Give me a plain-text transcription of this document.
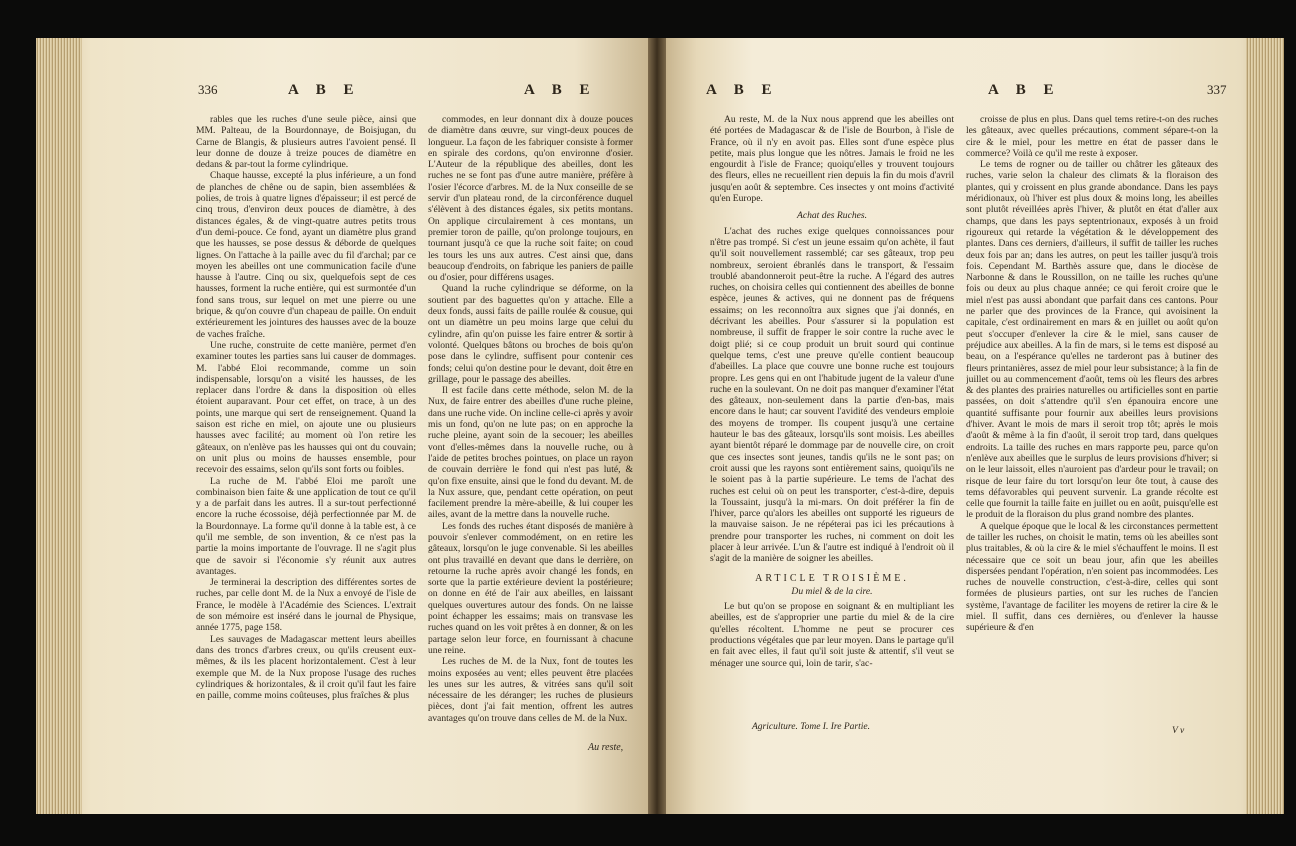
336	A B E	A B E

rables que les ruches d'une seule pièce, ainsi que MM. Palteau, de la Bourdonnaye, de Boisjugan, du Carne de Blangis, & plusieurs autres l'avoient pensé. Il leur donne de douze à treize pouces de diamètre en dedans & par-tout la forme cylindrique.

Chaque hausse, excepté la plus inférieure, a un fond de planches de chêne ou de sapin, bien assemblées & polies, de trois à quatre lignes d'épaisseur; il est percé de cinq trous, d'environ deux pouces de diamètre, à des distances égales, & de vingt-quatre autres petits trous d'un demi-pouce. Ce fond, ayant un diamètre plus grand que les hausses, se pose dessus & déborde de quelques lignes. On l'attache à la paille avec du fil d'archal; par ce moyen les abeilles ont une communication facile d'une hausse à l'autre. Cinq ou six, quelquefois sept de ces hausses, forment la ruche entière, qui est surmontée d'un fond sans trous, sur lequel on met une pierre ou une brique, & qu'on couvre d'un chapeau de paille. On enduit extérieurement les jointures des hausses avec de la bouze de vaches fraîche.

Une ruche, construite de cette manière, permet d'en examiner toutes les parties sans lui causer de dommages. M. l'abbé Eloi recommande, comme un soin indispensable, lorsqu'on a visité les hausses, de les replacer dans l'ordre & dans la disposition où elles étoient auparavant. Pour cet effet, on trace, à un des points, une marque qui sert de renseignement. Quand la saison est riche en miel, on ajoute une ou plusieurs hausses avec facilité; au moment où l'on retire les gâteaux, on n'enlève pas les hausses qui ont du couvain; on unit plus ou moins de hausses ensemble, pour recevoir des essaims, selon qu'ils sont forts ou foibles.

La ruche de M. l'abbé Eloi me paroît une combinaison bien faite & une application de tout ce qu'il y a de parfait dans les autres. Il a sur-tout perfectionné encore la ruche écossoise, déjà perfectionnée par M. de la Bourdonnaye. La forme qu'il donne à la table est, à ce qu'il me semble, de son invention, & ce n'est pas la partie la moins importante de l'ouvrage. Il ne s'agit plus que de savoir si l'économie s'y réunit aux autres avantages.

Je terminerai la description des différentes sortes de ruches, par celle dont M. de la Nux a envoyé de l'isle de France, le modèle à l'Académie des Sciences. L'extrait de son mémoire est inséré dans le journal de Physique, année 1775, page 158.

Les sauvages de Madagascar mettent leurs abeilles dans des troncs d'arbres creux, ou qu'ils creusent eux-mêmes, & ils les placent horizontalement. C'est à leur exemple que M. de la Nux propose l'usage des ruches cylindriques & horizontales, & il croit qu'il faut les faire en paille, comme moins coûteuses, plus fraîches & plus

commodes, en leur donnant dix à douze pouces de diamètre dans œuvre, sur vingt-deux pouces de longueur. La façon de les fabriquer consiste à former en spirale des cordons, qu'on environne d'osier. L'Auteur de la république des abeilles, dont les ruches ne se font pas d'une autre manière, préfère à l'osier l'écorce d'arbres. M. de la Nux conseille de se servir d'un plateau rond, de la circonférence duquel s'élèvent à des distances égales, six petits montans. On applique circulairement à ces montans, un premier toron de paille, qu'on prolonge toujours, en tournant jusqu'à ce que la ruche soit faite; on coud les tours les uns aux autres. C'est ainsi que, dans beaucoup d'endroits, on fabrique les paniers de paille ou d'osier, pour différens usages.

Quand la ruche cylindrique se déforme, on la soutient par des baguettes qu'on y attache. Elle a deux fonds, aussi faits de paille roulée & cousue, qui ont un diamètre un peu moins large que celui du cylindre, afin qu'on puisse les faire entrer & sortir à volonté. Quelques bâtons ou broches de bois qu'on pose dans le cylindre, suffisent pour contenir ces fonds; celui qu'on destine pour le devant, doit être en grillage, pour le passage des abeilles.

Il est facile dans cette méthode, selon M. de la Nux, de faire entrer des abeilles d'une ruche pleine, dans une ruche vide. On incline celle-ci après y avoir mis un fond, qu'on ne lute pas; on en approche la ruche pleine, ayant soin de la secouer; les abeilles vont d'elles-mêmes dans la nouvelle ruche, ou à l'aide de petites broches pointues, on place un rayon de couvain derrière le fond qui n'est pas luté, & qu'on fixe ensuite, ainsi que le fond du devant. M. de la Nux assure, que, pendant cette opération, on peut facilement prendre la mère-abeille, & lui couper les ailes, avant de la mettre dans la nouvelle ruche.

Les fonds des ruches étant disposés de manière à pouvoir s'enlever commodément, on en retire les gâteaux, lorsqu'on le juge convenable. Si les abeilles ont plus travaillé en devant que dans le derrière, on retourne la ruche après avoir changé les fonds, en sorte que la partie extérieure devient la postérieure; on donne en été de l'air aux abeilles, en laissant quelques ouvertures autour des fonds. On ne laisse point échapper les essaims; mais on transvase les ruches quand on les voit prêtes à en donner, & on les partage selon leur force, en fournissant à chacune une reine.

Les ruches de M. de la Nux, font de toutes les moins exposées au vent; elles peuvent être placées les unes sur les autres, & vitrées sans qu'il soit nécessaire de les déranger; les ruches de plusieurs pièces, dont j'ai fait mention, offrent les autres avantages qu'on trouve dans celles de M. de la Nux.

Au reste,
A B E	A B E	337

Au reste, M. de la Nux nous apprend que les abeilles ont été portées de Madagascar & de l'isle de Bourbon, à l'isle de France, où il n'y en avoit pas. Elles sont d'une espèce plus petite, mais plus longue que les nôtres. Jamais le froid ne les engourdit à l'isle de France; quoiqu'elles y trouvent toujours des fleurs, elles ne recueillent rien depuis la fin du mois d'avril jusqu'en août & septembre. Ces insectes y ont moins d'activité qu'en Europe.

Achat des Ruches.

L'achat des ruches exige quelques connoissances pour n'être pas trompé. Si c'est un jeune essaim qu'on achète, il faut qu'il soit nouvellement rassemblé; car ses gâteaux, trop peu nombreux, seroient ébranlés dans le transport, & l'essaim troublé abandonneroit peut-être la ruche. A l'égard des autres ruches, on choisira celles qui contiennent des abeilles de bonne espèce, jeunes & actives, qui ne donnent pas de fréquens essaims; on les reconnoîtra aux signes que j'ai donnés, en décrivant les abeilles. Pour s'assurer si la population est nombreuse, il suffit de frapper le soir contre la ruche avec le doigt plié; si ce coup produit un bruit sourd qui continue quelque tems, c'est une preuve qu'elle contient beaucoup d'abeilles. La place que couvre une bonne ruche est toujours propre. Les gens qui en ont l'habitude jugent de la valeur d'une ruche en la soulevant. On ne doit pas manquer d'examiner l'état des gâteaux, non-seulement dans la partie d'en-bas, mais encore dans le haut; car souvent l'avidité des vendeurs emploie des moyens de tromper. Ils coupent jusqu'à une certaine hauteur le bas des gâteaux, lorsqu'ils sont moisis. Les abeilles ayant bientôt réparé le dommage par de nouvelle cire, on croit que ces insectes sont jeunes, tandis qu'ils ne le sont pas; on croit aussi que les rayons sont entièrement sains, quoiqu'ils ne le soient pas à la partie supérieure. Le tems de l'achat des ruches est celui où on peut les transporter, c'est-à-dire, depuis la Toussaint, jusqu'à la mi-mars. On doit préférer la fin de l'hiver, parce qu'alors les abeilles ont supporté les rigueurs de la mauvaise saison. Je ne répéterai pas ici les précautions à prendre pour transporter les ruches, ni comment on doit les placer à leur arrivée. L'un & l'autre est indiqué à l'endroit où il s'agit de la manière de soigner les abeilles.

ARTICLE TROISIÈME.

Du miel & de la cire.

Le but qu'on se propose en soignant & en multipliant les abeilles, est de s'approprier une partie du miel & de la cire qu'elles récoltent. L'homme ne peut se procurer ces productions végétales que par leur moyen. Dans le partage qu'il en fait avec elles, il faut qu'il soit juste & attentif, s'il veut se ménager une source qui, loin de tarir, s'ac-

Agriculture. Tome I. Ire Partie.

croisse de plus en plus. Dans quel tems retire-t-on des ruches les gâteaux, avec quelles précautions, comment sépare-t-on la cire & le miel, pour les mettre en état de passer dans le commerce? Voilà ce qu'il me reste à exposer.

Le tems de rogner ou de tailler ou châtrer les gâteaux des ruches, varie selon la chaleur des climats & la floraison des plantes, qui y croissent en plus grande abondance. Dans les pays méridionaux, où l'hiver est plus doux & moins long, les abeilles sont plutôt réveillées après l'hiver, & plutôt en état d'aller aux champs, que dans les pays septentrionaux, exposés à un froid rigoureux qui retarde la végétation & le développement des plantes. Dans ces derniers, d'ailleurs, il suffit de tailler les ruches deux fois par an; dans les autres, on peut les tailler jusqu'à trois fois. Cependant M. Barthès assure que, dans le diocèse de Narbonne & dans le Roussillon, on ne taille les ruches qu'une fois ou deux au plus chaque année; ce qui feroit croire que le miel n'est pas aussi abondant que parfait dans ces cantons. Pour ne parler que des provinces de la France, qui avoisinent la capitale, c'est ordinairement en mars & en juillet ou août qu'on peut s'occuper d'enlever la cire & le miel, sans causer de préjudice aux abeilles. A la fin de mars, si le tems est disposé au beau, on a l'espérance qu'elles ne tarderont pas à butiner des fleurs printanières, assez de miel pour leur subsistance; à la fin de juillet ou au commencement d'août, tems où les fleurs des arbres & des plantes des prairies naturelles ou artificielles sont en partie passées, on doit s'attendre qu'il s'en épanouira encore une quantité suffisante pour fournir aux abeilles leurs provisions d'hiver. Avant le mois de mars il seroit trop tôt; après le mois d'août & même à la fin d'août, il seroit trop tard, dans quelques endroits. La taille des ruches en mars rapporte peu, parce qu'on n'enlève aux abeilles que le surplus de leurs provisions d'hiver; si on le leur laissoit, elles n'auroient pas d'ardeur pour le travail; on risque de leur faire du tort lorsqu'on leur ôte tout, à cause des tems défavorables qui peuvent survenir. La grande récolte est celle que fournit la taille faite en juillet ou en août, puisqu'elle est le produit de la floraison du plus grand nombre des plantes.

A quelque époque que le local & les circonstances permettent de tailler les ruches, on choisit le matin, tems où les abeilles sont plus traitables, & où la cire & le miel s'échauffent le moins. Il est nécessaire que ce soit un beau jour, afin que les abeilles dispersées pendant l'opération, n'en soient pas incommodées. Les ruches de nouvelle construction, c'est-à-dire, celles qui sont formées de plusieurs parties, ont sur les ruches de l'ancien système, l'avantage de faciliter les moyens de retirer la cire & le miel. Il suffit, dans ces dernières, ou d'enlever la hausse supérieure & d'en

V v
